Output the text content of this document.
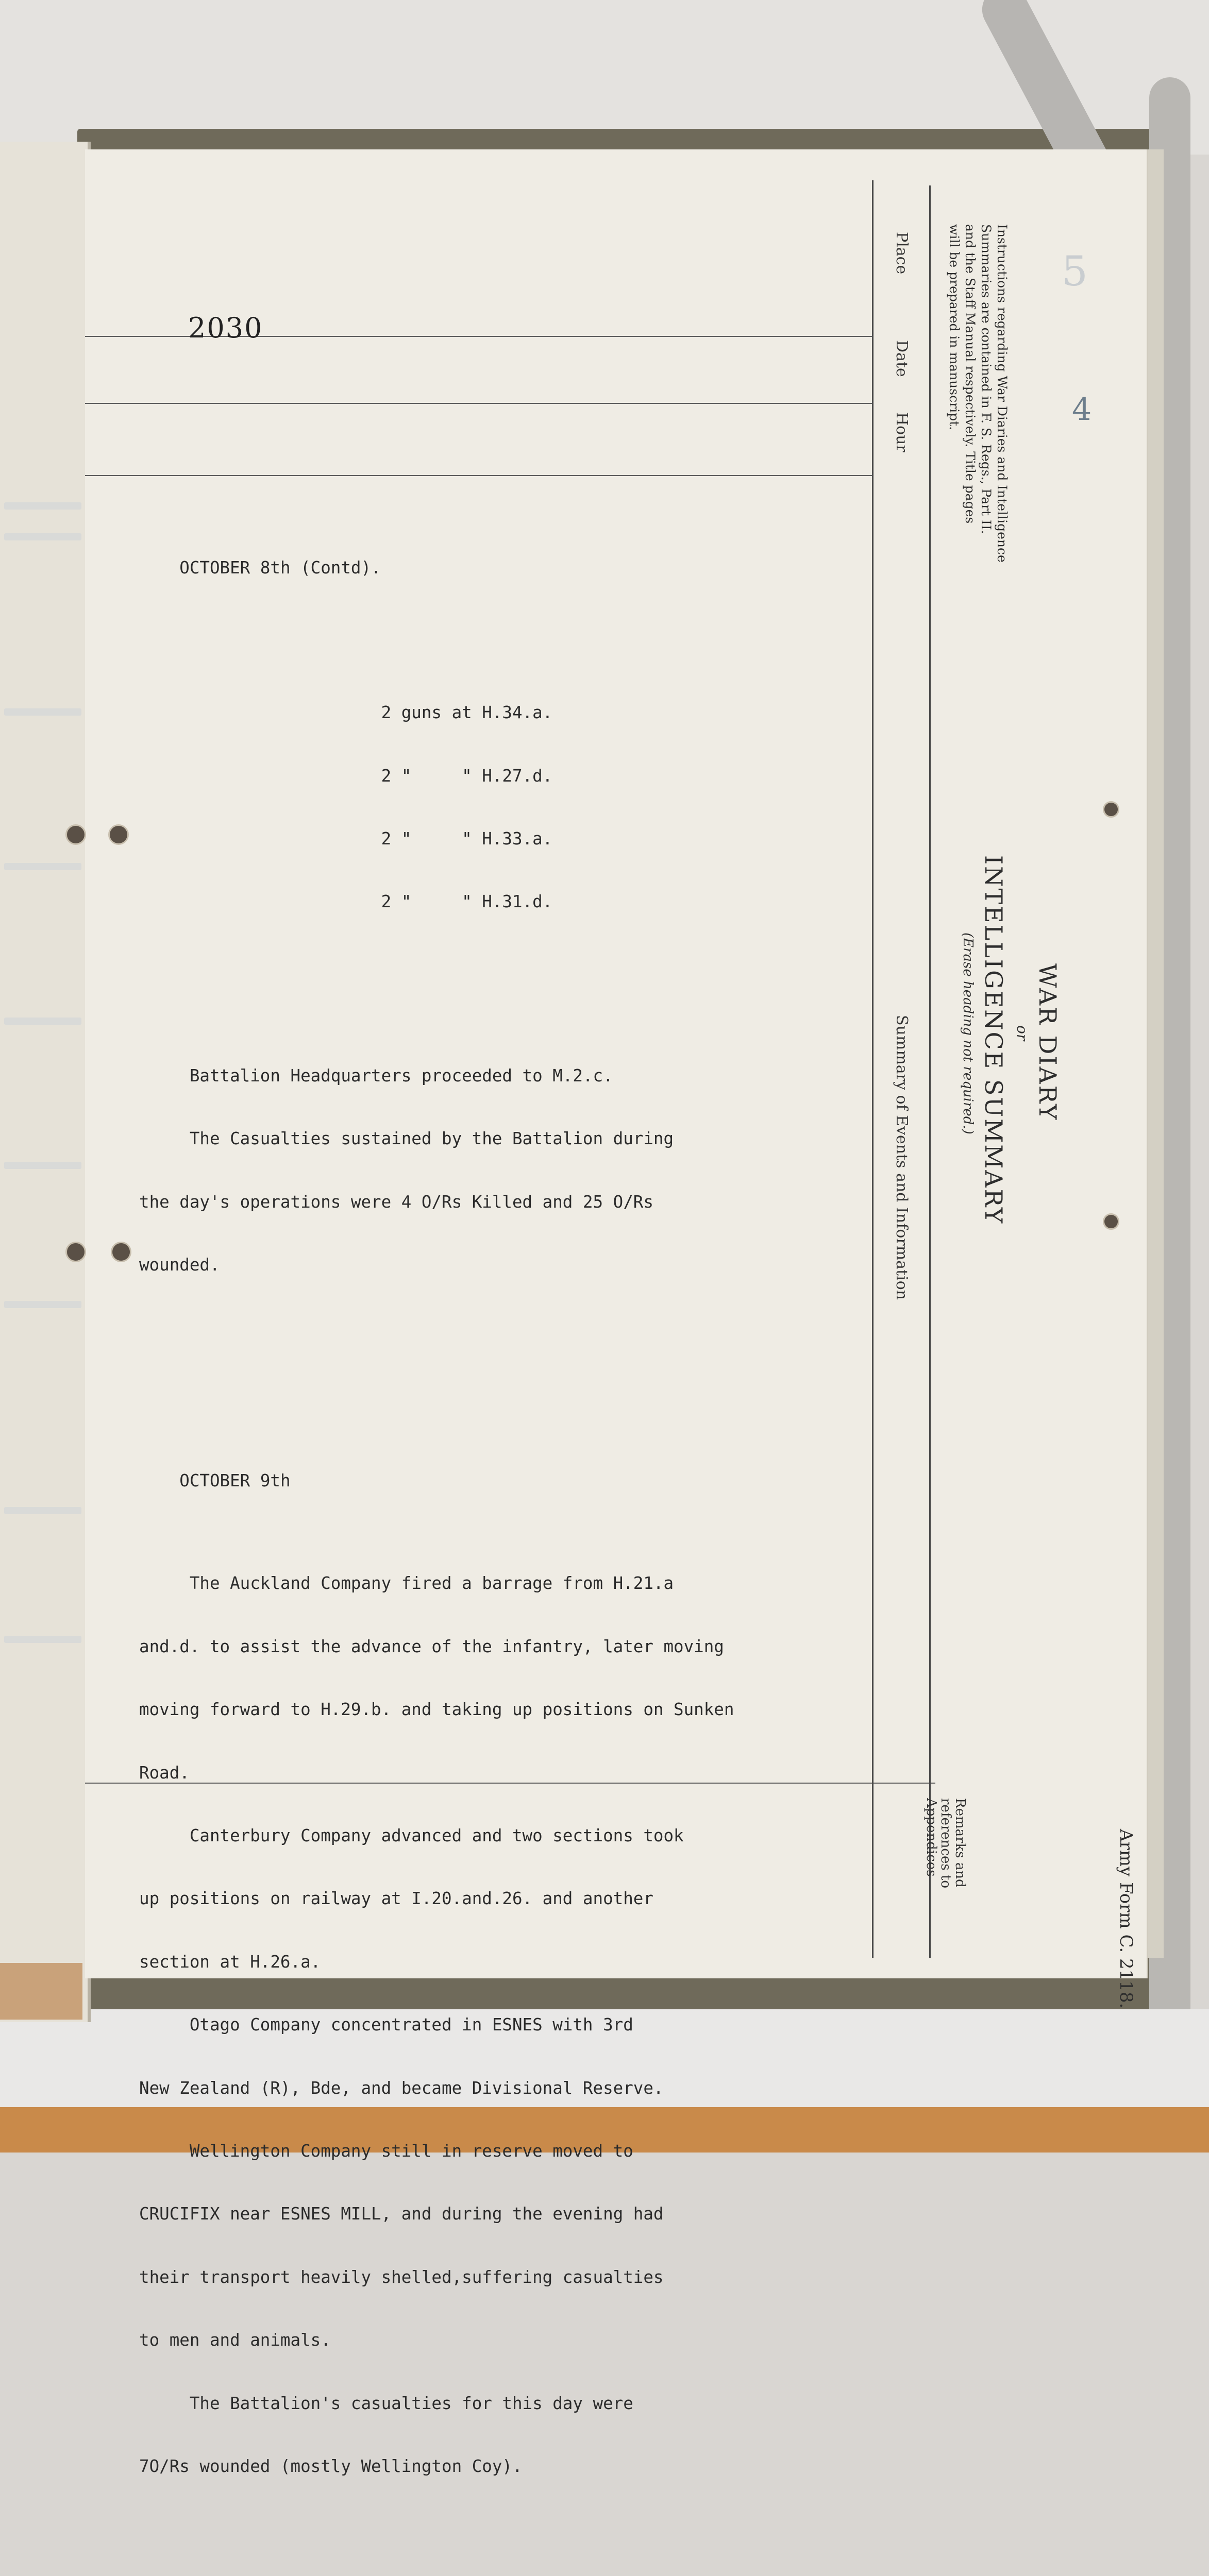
Place
Date
Hour
Summary of Events and Information
Remarks and
references to
Appendices
WAR DIARY
or
INTELLIGENCE SUMMARY
(Erase heading not required.)
Instructions regarding War Diaries and Intelligence
Summaries are contained in F. S. Regs., Part II.
and the Staff Manual respectively. Title pages
will be prepared in manuscript.
Army Form C. 2118.
5
4
2030

OCTOBER 8th (Contd).

2 guns at H.34.a.

2 "     " H.27.d.

2 "     " H.33.a.

2 "     " H.31.d.

Battalion Headquarters proceeded to M.2.c.

The Casualties sustained by the Battalion during

the day's operations were 4 O/Rs Killed and 25 O/Rs

wounded.

OCTOBER 9th

The Auckland Company fired a barrage from H.21.a

and.d. to assist the advance of the infantry, later moving

moving forward to H.29.b. and taking up positions on Sunken

Road.

Canterbury Company advanced and two sections took

up positions on railway at I.20.and.26. and another

section at H.26.a.

Otago Company concentrated in ESNES with 3rd

New Zealand (R), Bde, and became Divisional Reserve.

Wellington Company still in reserve moved to

CRUCIFIX near ESNES MILL, and during the evening had

their transport heavily shelled,suffering casualties

to men and animals.

The Battalion's casualties for this day were

7O/Rs wounded (mostly Wellington Coy).
